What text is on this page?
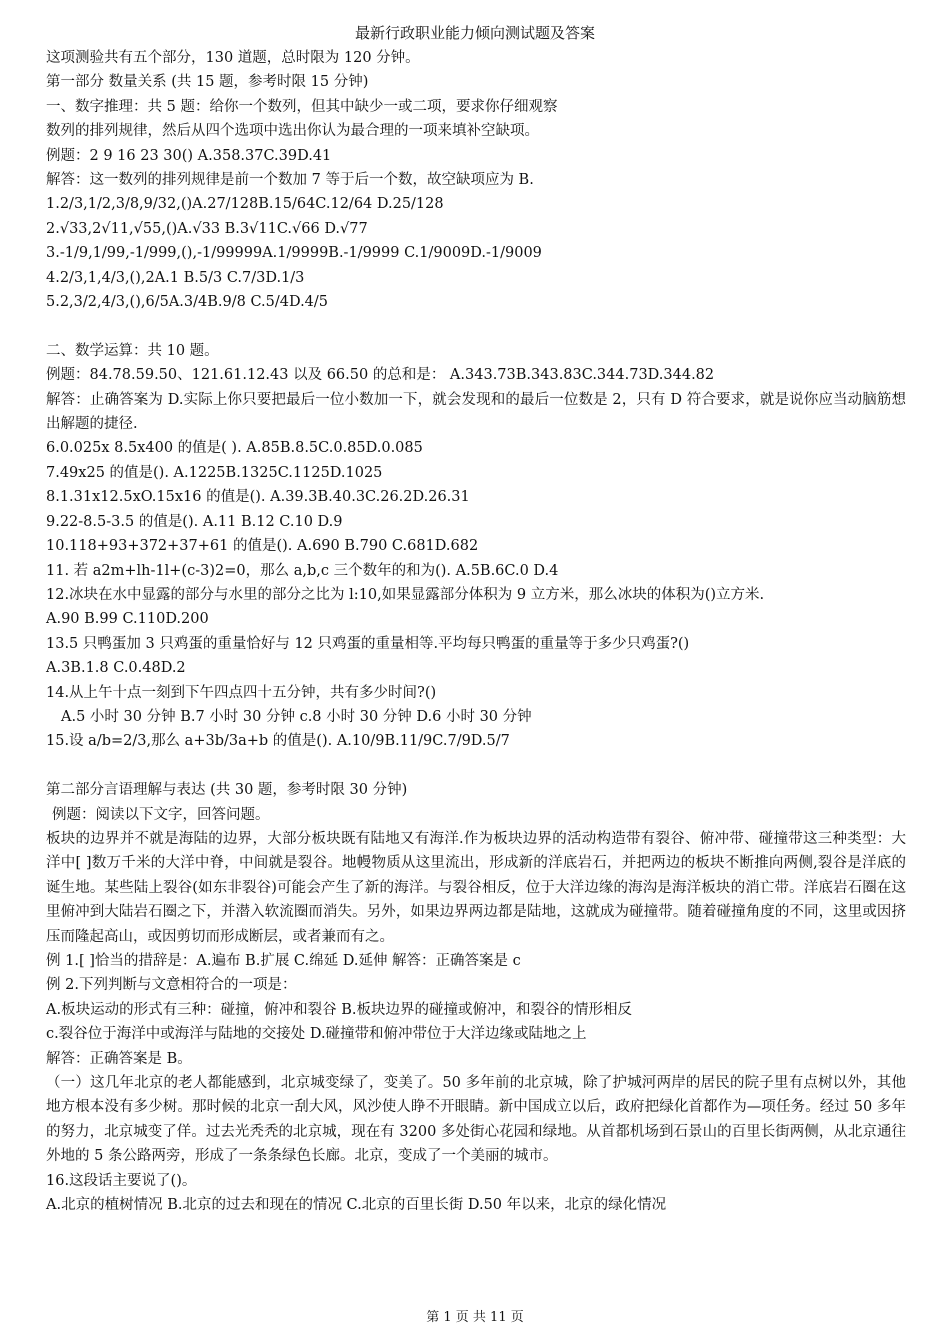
最新行政职业能力倾向测试题及答案
这项测验共有五个部分，130 道题，总时限为 120 分钟。
第一部分 数量关系 (共 15 题，参考时限 15 分钟)
一、数字推理：共 5 题：给你一个数列，但其中缺少一或二项，要求你仔细观察
数列的排列规律，然后从四个选项中选出你认为最合理的一项来填补空缺项。
例题：2 9 16 23 30() A.358.37C.39D.41
解答：这一数列的排列规律是前一个数加 7 等于后一个数，故空缺项应为 B.
1.2/3,1/2,3/8,9/32,()A.27/128B.15/64C.12/64 D.25/128
2.√33,2√11,√55,()A.√33 B.3√11C.√66 D.√77
3.-1/9,1/99,-1/999,(),-1/99999A.1/9999B.-1/9999 C.1/9009D.-1/9009
4.2/3,1,4/3,(),2A.1 B.5/3 C.7/3D.1/3
5.2,3/2,4/3,(),6/5A.3/4B.9/8 C.5/4D.4/5
二、数学运算：共 10 题。
例题：84.78.59.50、121.61.12.43 以及 66.50 的总和是： A.343.73B.343.83C.344.73D.344.82
解答：止确答案为 D.实际上你只要把最后一位小数加一下，就会发现和的最后一位数是 2，只有 D 符合要求，就是说你应当动脑筋想出解题的捷径.
6.0.025x 8.5x400 的值是( ). A.85B.8.5C.0.85D.0.085
7.49x25 的值是(). A.1225B.1325C.1125D.1025
8.1.31x12.5xO.15x16 的值是(). A.39.3B.40.3C.26.2D.26.31
9.22-8.5-3.5 的值是(). A.11 B.12 C.10 D.9
10.118+93+372+37+61 的值是(). A.690 B.790 C.681D.682
11. 若 a2m+lh-1l+(c-3)2=0，那么 a,b,c 三个数年的和为(). A.5B.6C.0 D.4
12.冰块在水中显露的部分与水里的部分之比为 l:10,如果显露部分体积为 9 立方米，那么冰块的体积为()立方米.
A.90 B.99 C.110D.200
13.5 只鸭蛋加 3 只鸡蛋的重量恰好与 12 只鸡蛋的重量相等.平均每只鸭蛋的重量等于多少只鸡蛋?()
A.3B.1.8 C.0.48D.2
14.从上午十点一刻到下午四点四十五分钟，共有多少时间?()
A.5 小时 30 分钟 B.7 小时 30 分钟 c.8 小时 30 分钟 D.6 小时 30 分钟
15.设 a/b=2/3,那么 a+3b/3a+b 的值是(). A.10/9B.11/9C.7/9D.5/7
第二部分言语理解与表达 (共 30 题，参考时限 30 分钟)
例题：阅读以下文字，回答问题。
板块的边界并不就是海陆的边界，大部分板块既有陆地又有海洋.作为板块边界的活动构造带有裂谷、俯冲带、碰撞带这三种类型：大洋中[ ]数万千米的大洋中脊，中间就是裂谷。地幔物质从这里流出，形成新的洋底岩石，并把两边的板块不断推向两侧,裂谷是洋底的诞生地。某些陆上裂谷(如东非裂谷)可能会产生了新的海洋。与裂谷相反，位于大洋边缘的海沟是海洋板块的消亡带。洋底岩石圈在这里俯冲到大陆岩石圈之下，并潜入软流圈而消失。另外，如果边界两边都是陆地，这就成为碰撞带。随着碰撞角度的不同，这里或因挤压而隆起高山，或因剪切而形成断层，或者兼而有之。
例 1.[ ]恰当的措辞是：A.遍布 B.扩展 C.绵延 D.延伸 解答：正确答案是 c
例 2.下列判断与文意相符合的一项是：
A.板块运动的形式有三种：碰撞，俯冲和裂谷 B.板块边界的碰撞或俯冲，和裂谷的情形相反
c.裂谷位于海洋中或海洋与陆地的交接处 D.碰撞带和俯冲带位于大洋边缘或陆地之上
解答：正确答案是 B。
（一）这几年北京的老人都能感到，北京城变绿了，变美了。50 多年前的北京城，除了护城河两岸的居民的院子里有点树以外，其他地方根本没有多少树。那时候的北京一刮大风，风沙使人睁不开眼睛。新中国成立以后，政府把绿化首都作为—项任务。经过 50 多年的努力，北京城变了佯。过去光秃秃的北京城，现在有 3200 多处街心花园和绿地。从首都机场到石景山的百里长街两侧，从北京通往外地的 5 条公路两旁，形成了一条条绿色长廊。北京，变成了一个美丽的城市。
16.这段话主要说了()。
A.北京的植树情况 B.北京的过去和现在的情况 C.北京的百里长街 D.50 年以来，北京的绿化情况
第 1 页 共 11 页
